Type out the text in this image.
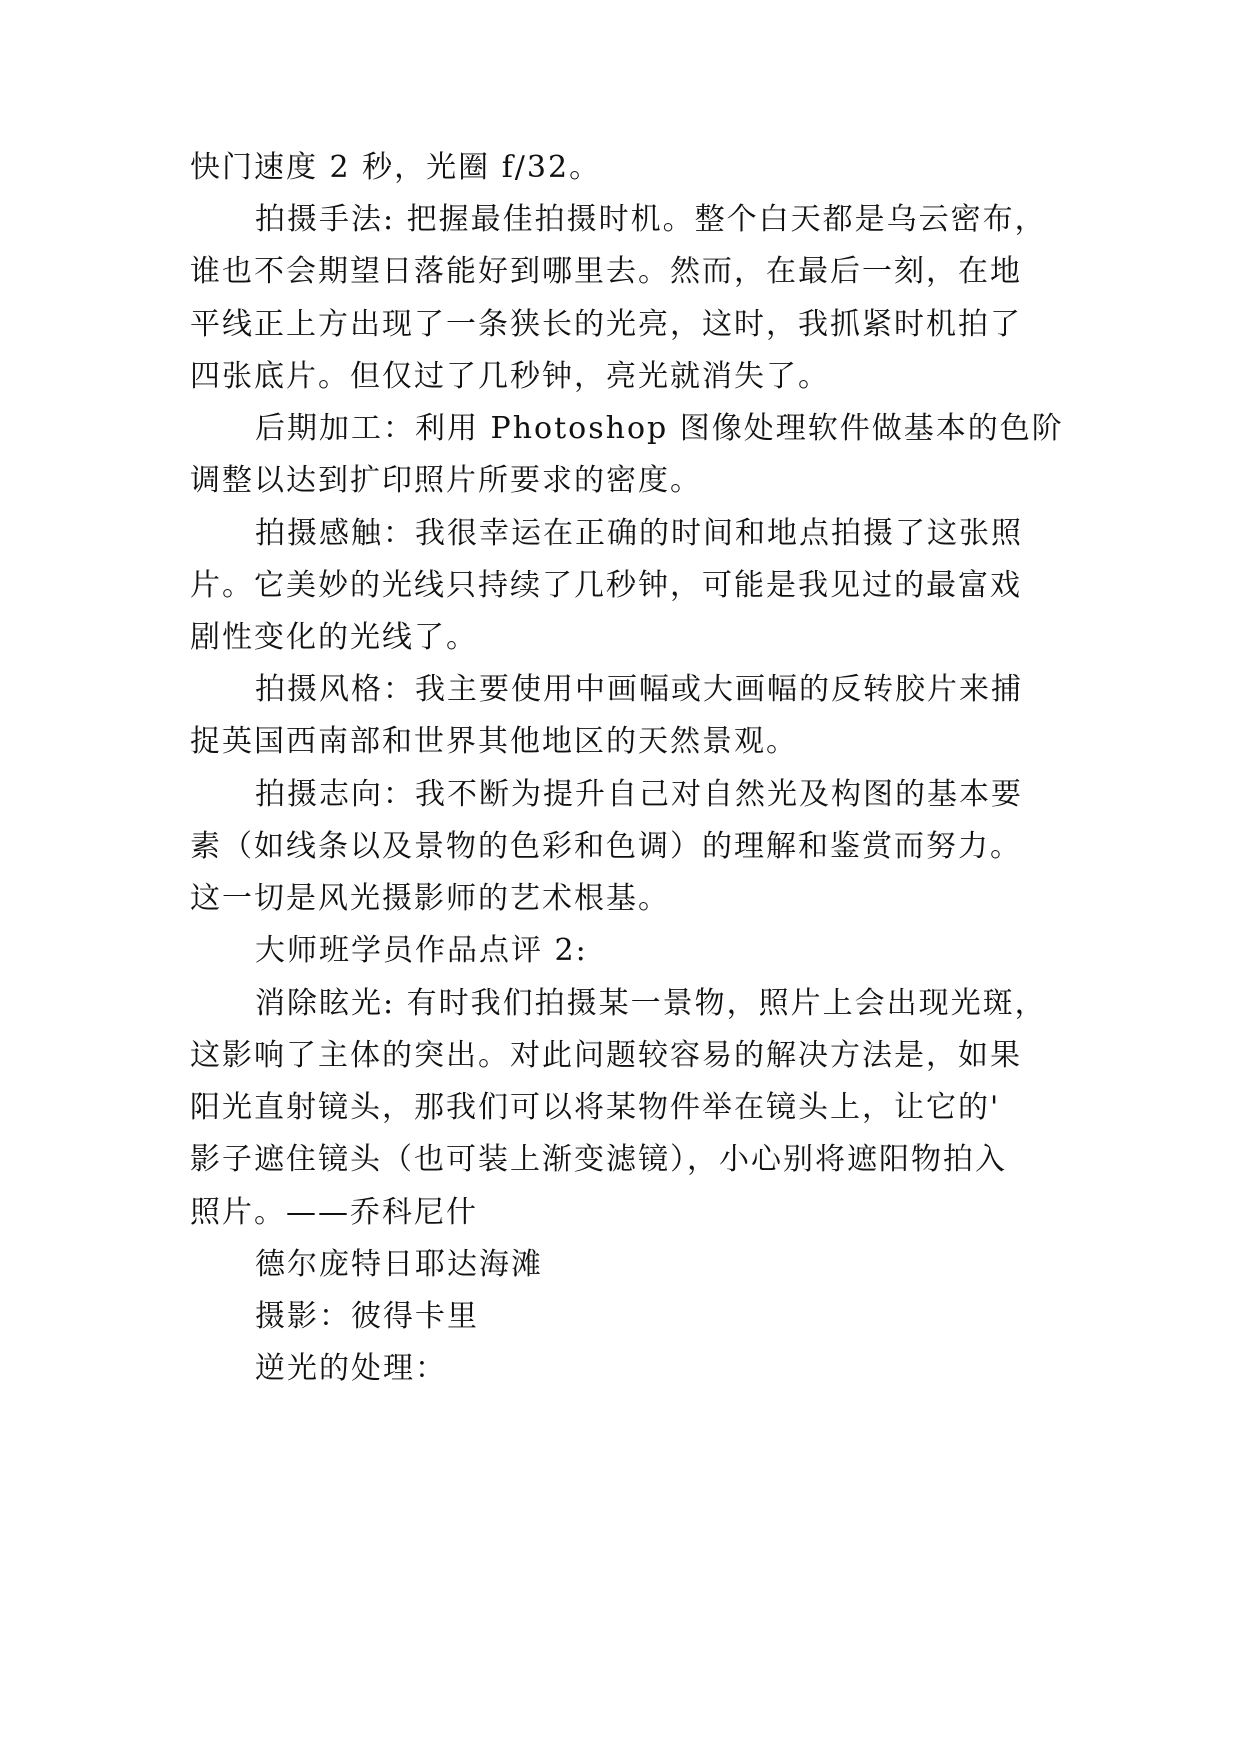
快门速度 2 秒，光圈 f/32。
拍摄手法: 把握最佳拍摄时机。整个白天都是乌云密布，
谁也不会期望日落能好到哪里去。然而，在最后一刻，在地
平线正上方出现了一条狭长的光亮，这时，我抓紧时机拍了
四张底片。但仅过了几秒钟，亮光就消失了。
后期加工：利用 Photoshop 图像处理软件做基本的色阶
调整以达到扩印照片所要求的密度。
拍摄感触：我很幸运在正确的时间和地点拍摄了这张照
片。它美妙的光线只持续了几秒钟，可能是我见过的最富戏
剧性变化的光线了。
拍摄风格：我主要使用中画幅或大画幅的反转胶片来捕
捉英国西南部和世界其他地区的天然景观。
拍摄志向：我不断为提升自己对自然光及构图的基本要
素（如线条以及景物的色彩和色调）的理解和鉴赏而努力。
这一切是风光摄影师的艺术根基。
大师班学员作品点评 2:
消除眩光: 有时我们拍摄某一景物，照片上会出现光斑，
这影响了主体的突出。对此问题较容易的解决方法是，如果
阳光直射镜头，那我们可以将某物件举在镜头上，让它的'
影子遮住镜头（也可装上渐变滤镜），小心别将遮阳物拍入
照片。——乔科尼什
德尔庞特日耶达海滩
摄影：彼得卡里
逆光的处理：
